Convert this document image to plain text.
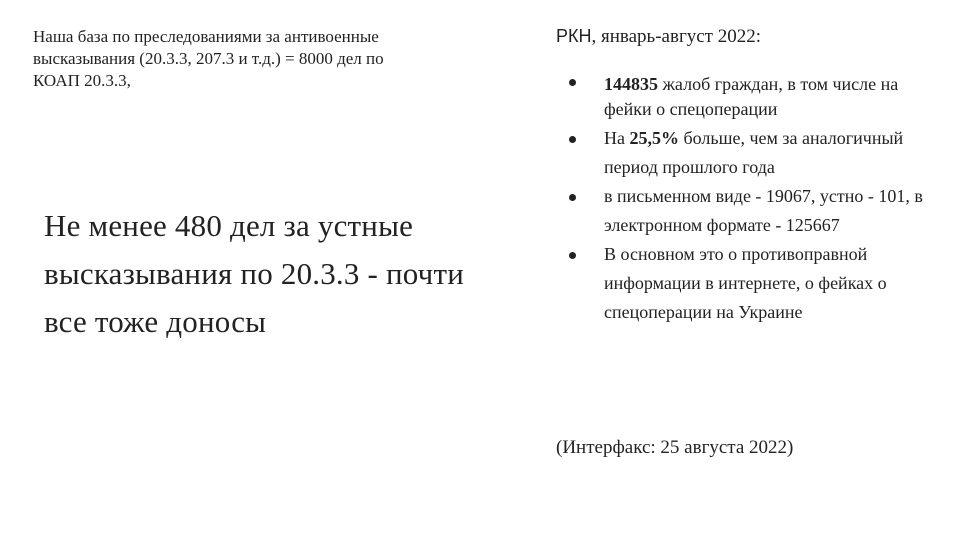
Наша база по преследованиями за антивоенные высказывания (20.3.3, 207.3 и т.д.) = 8000 дел по КОАП 20.3.3,
Не менее 480 дел за устные высказывания по 20.3.3 - почти все тоже доносы
РКН, январь-август 2022:
144835 жалоб граждан, в том числе на фейки о спецоперации
На 25,5% больше, чем за аналогичный период прошлого года
в письменном виде - 19067, устно - 101, в электронном формате - 125667
В основном это о противоправной информации в интернете, о фейках о спецоперации на Украине
(Интерфакс: 25 августа 2022)
